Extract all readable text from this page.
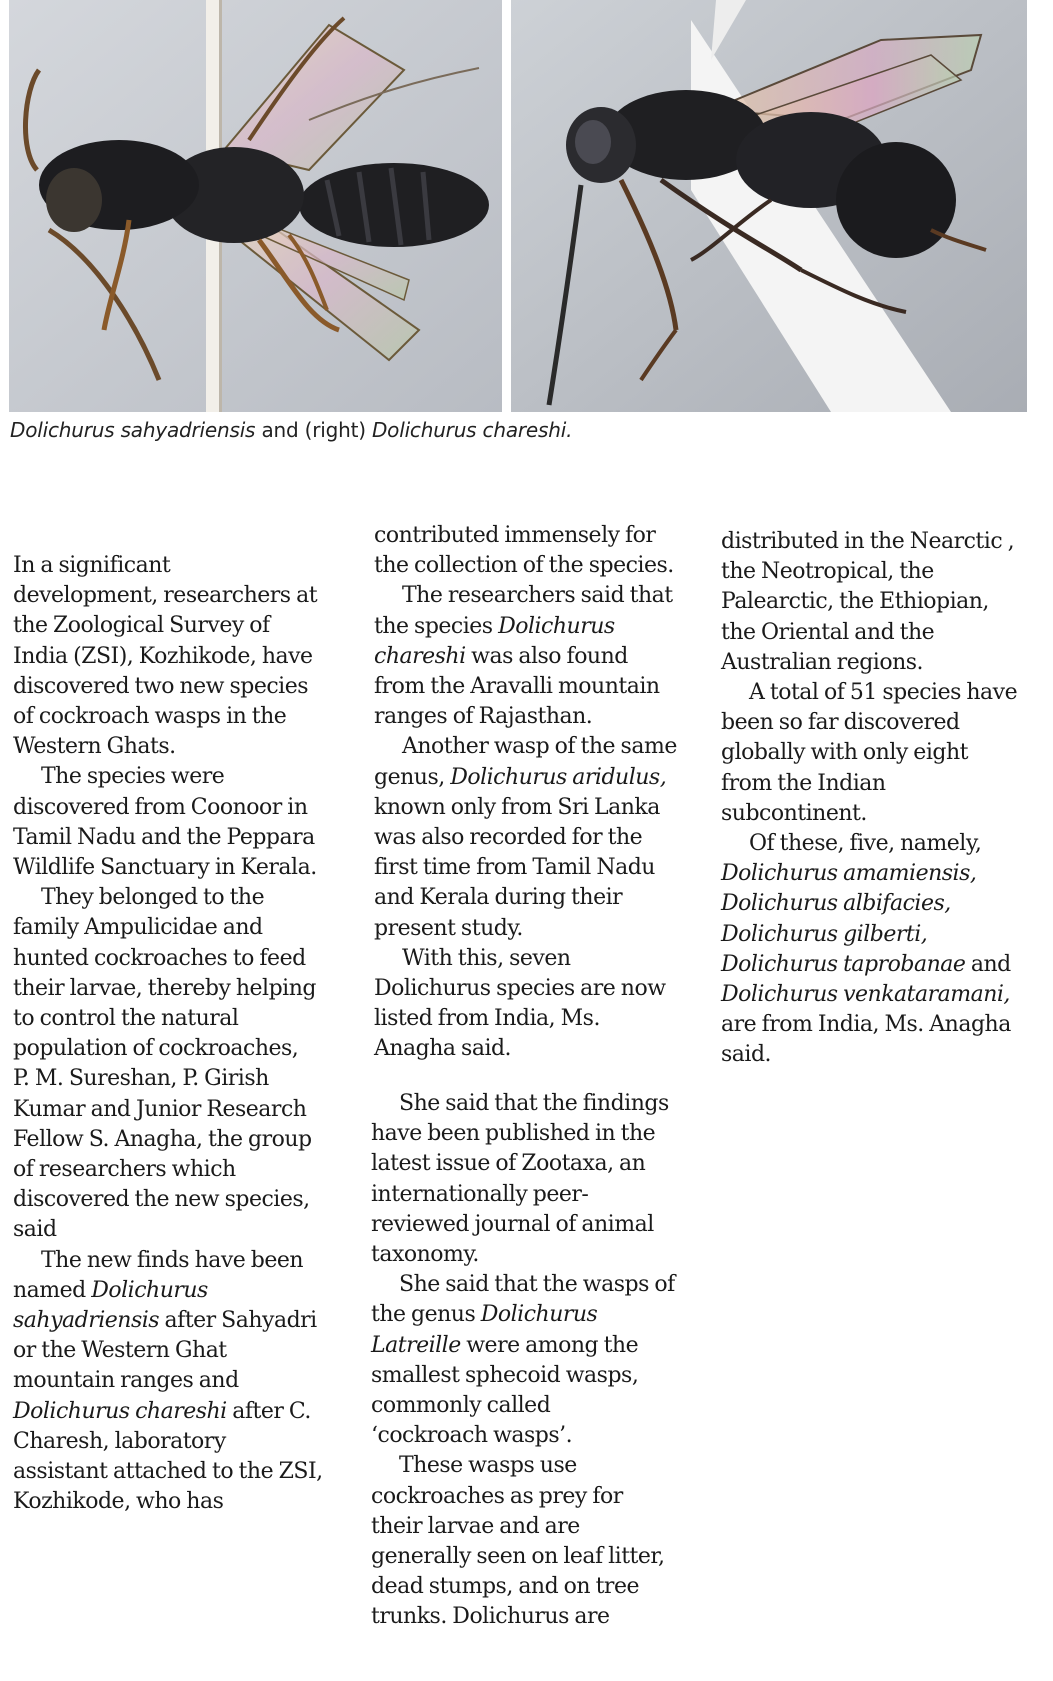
Dolichurus sahyadriensis and (right) Dolichurus chareshi.
In a significant
development, researchers at
the Zoological Survey of
India (ZSI), Kozhikode, have
discovered two new species
of cockroach wasps in the
Western Ghats.
The species were
discovered from Coonoor in
Tamil Nadu and the Peppara
Wildlife Sanctuary in Kerala.
They belonged to the
family Ampulicidae and
hunted cockroaches to feed
their larvae, thereby helping
to control the natural
population of cockroaches,
P. M. Sureshan, P. Girish
Kumar and Junior Research
Fellow S. Anagha, the group
of researchers which
discovered the new species,
said
The new finds have been
named Dolichurus
sahyadriensis after Sahyadri
or the Western Ghat
mountain ranges and
Dolichurus chareshi after C.
Charesh, laboratory
assistant attached to the ZSI,
Kozhikode, who has
contributed immensely for
the collection of the species.
The researchers said that
the species Dolichurus
chareshi was also found
from the Aravalli mountain
ranges of Rajasthan.
Another wasp of the same
genus, Dolichurus aridulus,
known only from Sri Lanka
was also recorded for the
first time from Tamil Nadu
and Kerala during their
present study.
With this, seven
Dolichurus species are now
listed from India, Ms.
Anagha said.
She said that the findings
have been published in the
latest issue of Zootaxa, an
internationally peer-
reviewed journal of animal
taxonomy.
She said that the wasps of
the genus Dolichurus
Latreille were among the
smallest sphecoid wasps,
commonly called
‘cockroach wasps’.
These wasps use
cockroaches as prey for
their larvae and are
generally seen on leaf litter,
dead stumps, and on tree
trunks. Dolichurus are
distributed in the Nearctic ,
the Neotropical, the
Palearctic, the Ethiopian,
the Oriental and the
Australian regions.
A total of 51 species have
been so far discovered
globally with only eight
from the Indian
subcontinent.
Of these, five, namely,
Dolichurus amamiensis,
Dolichurus albifacies,
Dolichurus gilberti,
Dolichurus taprobanae and
Dolichurus venkataramani,
are from India, Ms. Anagha
said.
